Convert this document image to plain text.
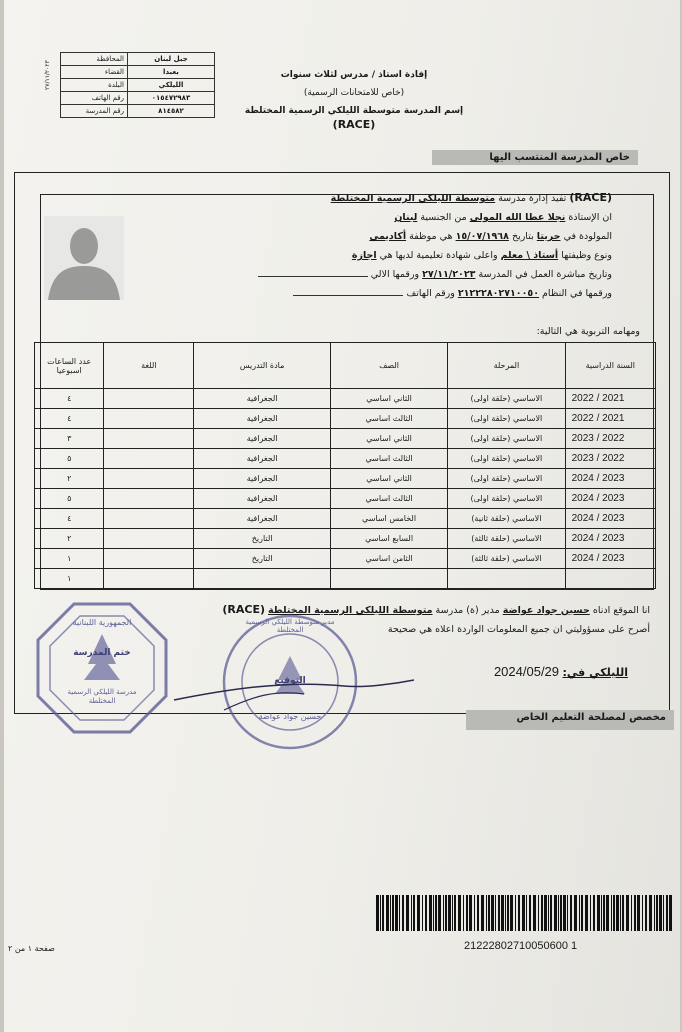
٢٧/١١/٢٠٢٣
المحافظة	جبل لبنان
القضاء	بعبدا
البلدة	الليلكي
رقم الهاتف	٠١٥٤٧٢٩٨٣
رقم المدرسة	٨١٤٥٨٢
إفادة استاذ / مدرس لثلاث سنوات
(خاص للامتحانات الرسمية)
إسم المدرسة متوسطة الليلكي الرسمية المختلطة
(RACE)
خاص المدرسة المنتسب اليها
(RACE) تفيد إدارة مدرسة متوسطة الليلكي الرسمية المختلطة
ان الإستاذة نجلا عطا الله المولى من الجنسية لبنان
المولودة في حريتا بتاريخ ١٥/٠٧/١٩٦٨ هي موظفة أكاديمي
ونوع وظيفتها أستاذ \ معلم واعلى شهادة تعليمية لديها هي اجازة
وتاريخ مباشرة العمل في المدرسة ٢٧/١١/٢٠٢٣ ورقمها الالي
ورقمها في النظام ٢١٢٢٢٨٠٢٧١٠٠٥٠ ورقم الهاتف
ومهامه التربوية هي التالية:
السنة الدراسية	المرحلة	الصف	مادة التدريس	اللغة	عدد الساعات اسبوعيا
2021 / 2022	الاساسي (حلقة اولى)	الثاني اساسي	الجغرافية		٤
2021 / 2022	الاساسي (حلقة اولى)	الثالث اساسي	الجغرافية		٤
2022 / 2023	الاساسي (حلقة اولى)	الثاني اساسي	الجغرافية		٣
2022 / 2023	الاساسي (حلقة اولى)	الثالث اساسي	الجغرافية		٥
2023 / 2024	الاساسي (حلقة اولى)	الثاني اساسي	الجغرافية		٢
2023 / 2024	الاساسي (حلقة اولى)	الثالث اساسي	الجغرافية		٥
2023 / 2024	الاساسي (حلقة ثانية)	الخامس اساسي	الجغرافية		٤
2023 / 2024	الاساسي (حلقة ثالثة)	السابع اساسي	التاريخ		٢
2023 / 2024	الاساسي (حلقة ثالثة)	الثامن اساسي	التاريخ		١
					١
انا الموقع ادناه حسين جواد عواضة مدير (ة) مدرسة متوسطة الليلكي الرسمية المختلطة (RACE)
أصرح على مسؤوليتي ان جميع المعلومات الواردة اعلاه هي صحيحة
الليلكي في: 2024/05/29
الجمهورية اللبنانية
ختم المدرسة
مدرسة الليلكي الرسمية المختلطة
مدير متوسطة الليلكي الرسمية المختلطة
التوقيع
حسين جواد عواضة	مخصص لمصلحة التعليم الخاص
21222802710050600 1
صفحة ١ من ٢
